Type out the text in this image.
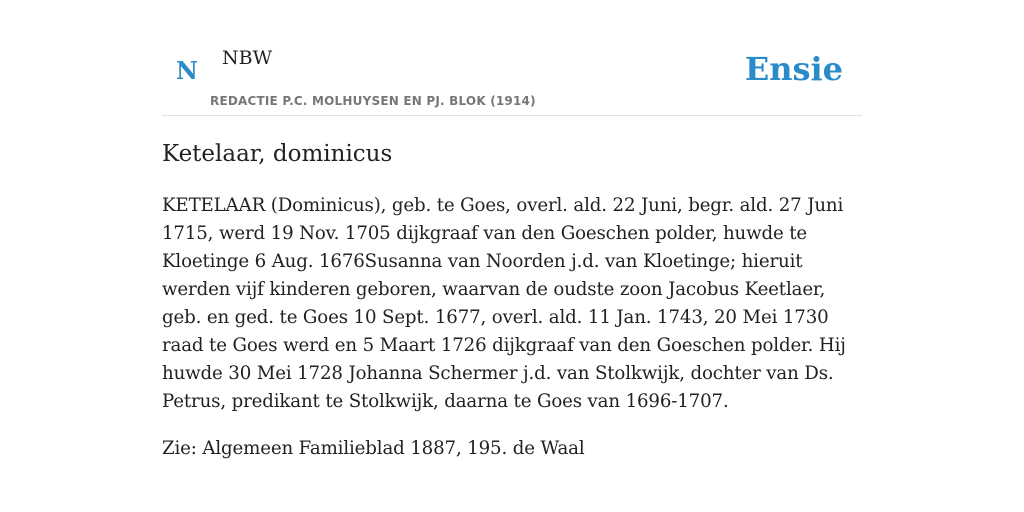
N NBW
REDACTIE P.C. MOLHUYSEN EN PJ. BLOK (1914)
Ensie
Ketelaar, dominicus

KETELAAR (Dominicus), geb. te Goes, overl. ald. 22 Juni, begr. ald. 27 Juni 1715, werd 19 Nov. 1705 dijkgraaf van den Goeschen polder, huwde te Kloetinge 6 Aug. 1676Susanna van Noorden j.d. van Kloetinge; hieruit werden vijf kinderen geboren, waarvan de oudste zoon Jacobus Keetlaer, geb. en ged. te Goes 10 Sept. 1677, overl. ald. 11 Jan. 1743, 20 Mei 1730 raad te Goes werd en 5 Maart 1726 dijkgraaf van den Goeschen polder. Hij huwde 30 Mei 1728 Johanna Schermer j.d. van Stolkwijk, dochter van Ds. Petrus, predikant te Stolkwijk, daarna te Goes van 1696-1707.

Zie: Algemeen Familieblad 1887, 195. de Waal
